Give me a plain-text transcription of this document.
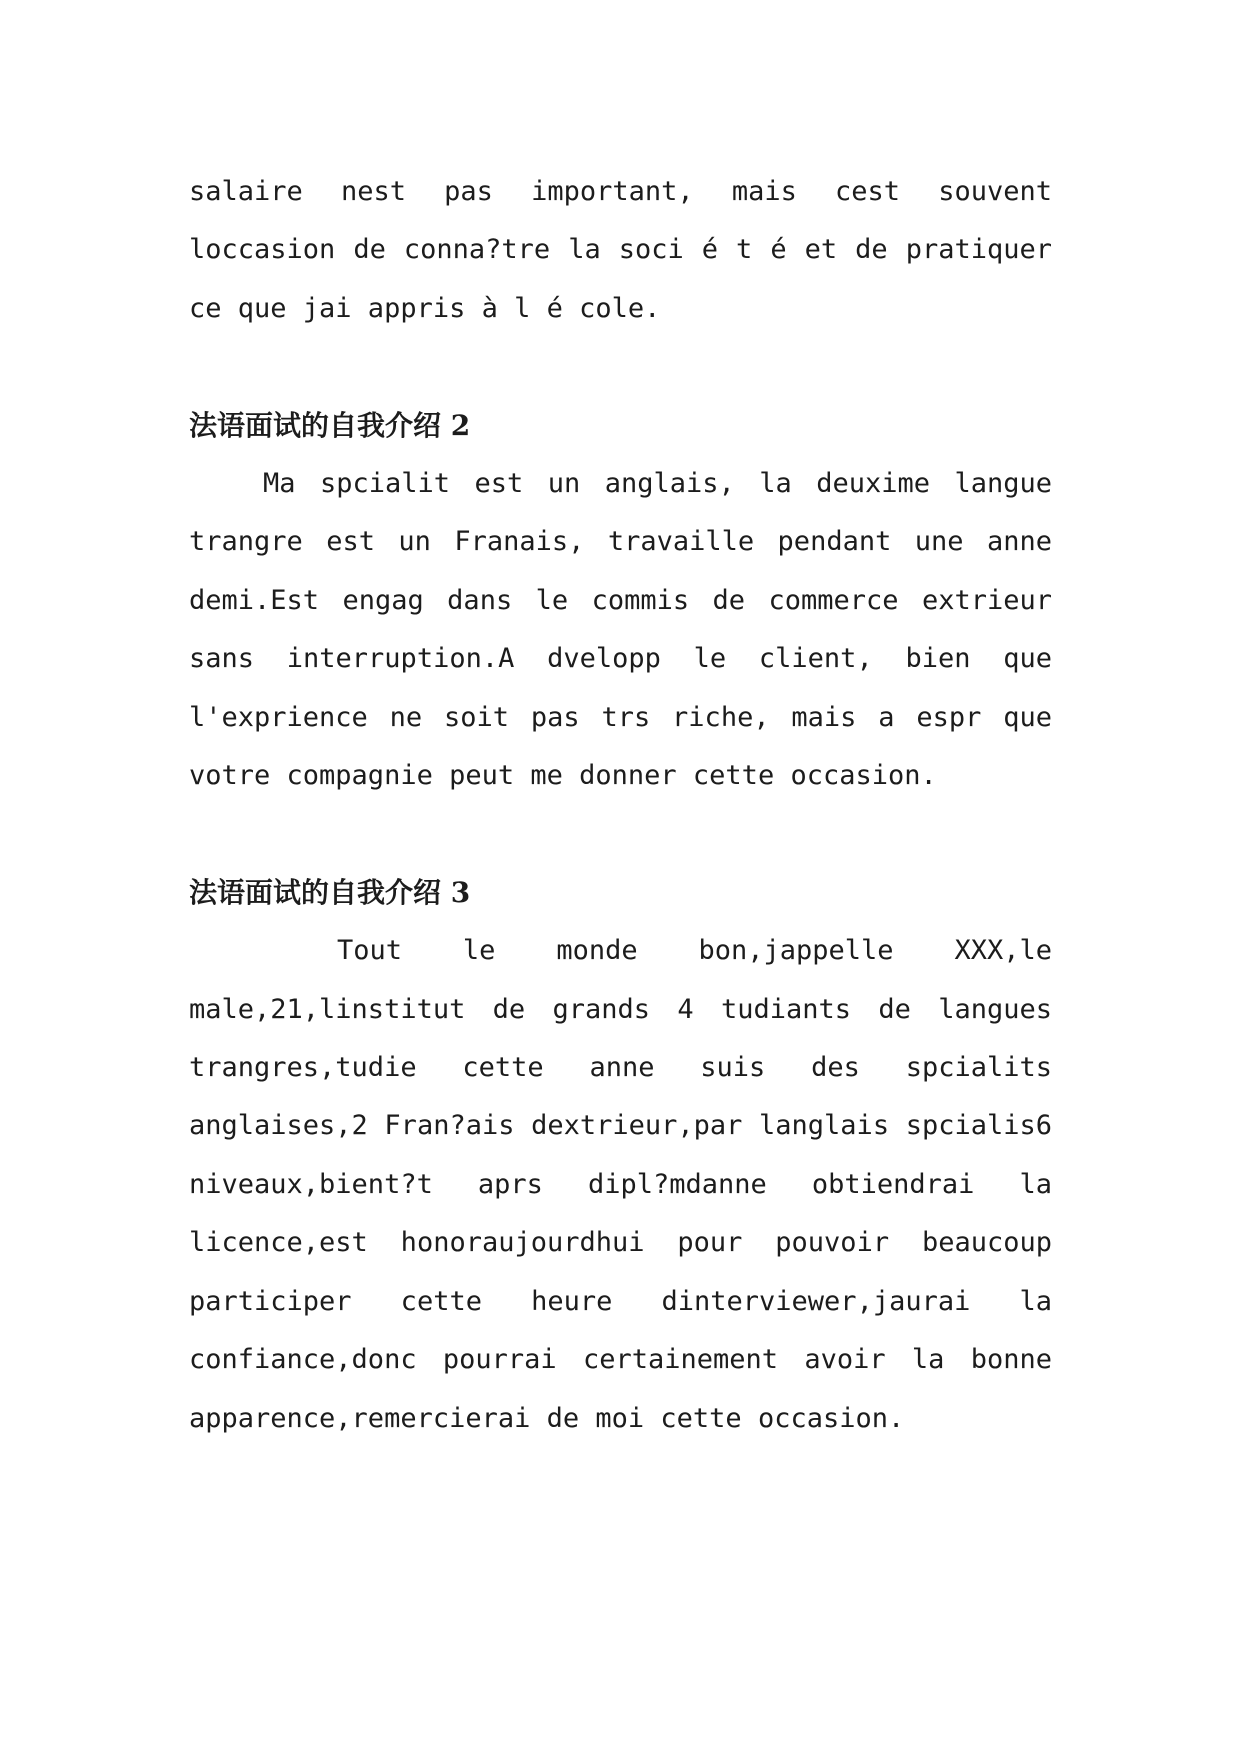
salaire nest pas important, mais cest souvent loccasion de conna?tre la soci é t é et de pratiquer ce que jai appris à l é cole.

法语面试的自我介绍 2

Ma spcialit est un anglais, la deuxime langue trangre est un Franais, travaille pendant une anne demi.Est engag dans le commis de commerce extrieur sans interruption.A dvelopp le client, bien que l'exprience ne soit pas trs riche, mais a espr que votre compagnie peut me donner cette occasion.

法语面试的自我介绍 3

Tout le monde bon,jappelle XXX,le male,21,linstitut de grands 4 tudiants de langues trangres,tudie cette anne suis des spcialits anglaises,2 Fran?ais dextrieur,par langlais spcialis6 niveaux,bient?t aprs dipl?mdanne obtiendrai la licence,est honoraujourdhui pour pouvoir beaucoup participer cette heure dinterviewer,jaurai la confiance,donc pourrai certainement avoir la bonne apparence,remercierai de moi cette occasion.
